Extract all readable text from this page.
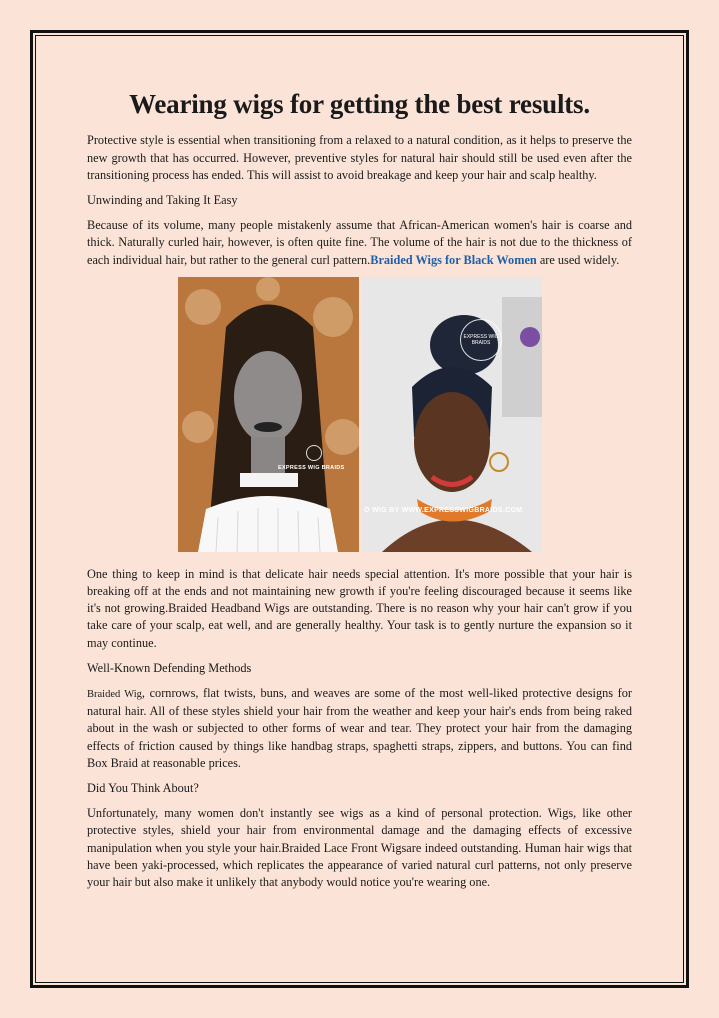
Wearing wigs for getting the best results.

Protective style is essential when transitioning from a relaxed to a natural condition, as it helps to preserve the new growth that has occurred. However, preventive styles for natural hair should still be used even after the transitioning process has ended. This will assist to avoid breakage and keep your hair and scalp healthy.

Unwinding and Taking It Easy

Because of its volume, many people mistakenly assume that African-American women's hair is coarse and thick. Naturally curled hair, however, is often quite fine. The volume of the hair is not due to the thickness of each individual hair, but rather to the general curl pattern.Braided Wigs for Black Women are used widely.

EXPRESS WIG BRAIDS
EXPRESS WIG BRAIDS
O WIG BY WWW.EXPRESSWIGBRAIDS.COM

One thing to keep in mind is that delicate hair needs special attention. It's more possible that your hair is breaking off at the ends and not maintaining new growth if you're feeling discouraged because it seems like it's not growing.Braided Headband Wigs are outstanding. There is no reason why your hair can't grow if you take care of your scalp, eat well, and are generally healthy. Your task is to gently nurture the expansion so it may continue.

Well-Known Defending Methods

Braided Wig, cornrows, flat twists, buns, and weaves are some of the most well-liked protective designs for natural hair. All of these styles shield your hair from the weather and keep your hair's ends from being raked about in the wash or subjected to other forms of wear and tear. They protect your hair from the damaging effects of friction caused by things like handbag straps, spaghetti straps, zippers, and buttons. You can find Box Braid at reasonable prices.

Did You Think About?

Unfortunately, many women don't instantly see wigs as a kind of personal protection. Wigs, like other protective styles, shield your hair from environmental damage and the damaging effects of excessive manipulation when you style your hair.Braided Lace Front Wigsare indeed outstanding. Human hair wigs that have been yaki-processed, which replicates the appearance of varied natural curl patterns, not only preserve your hair but also make it unlikely that anybody would notice you're wearing one.
